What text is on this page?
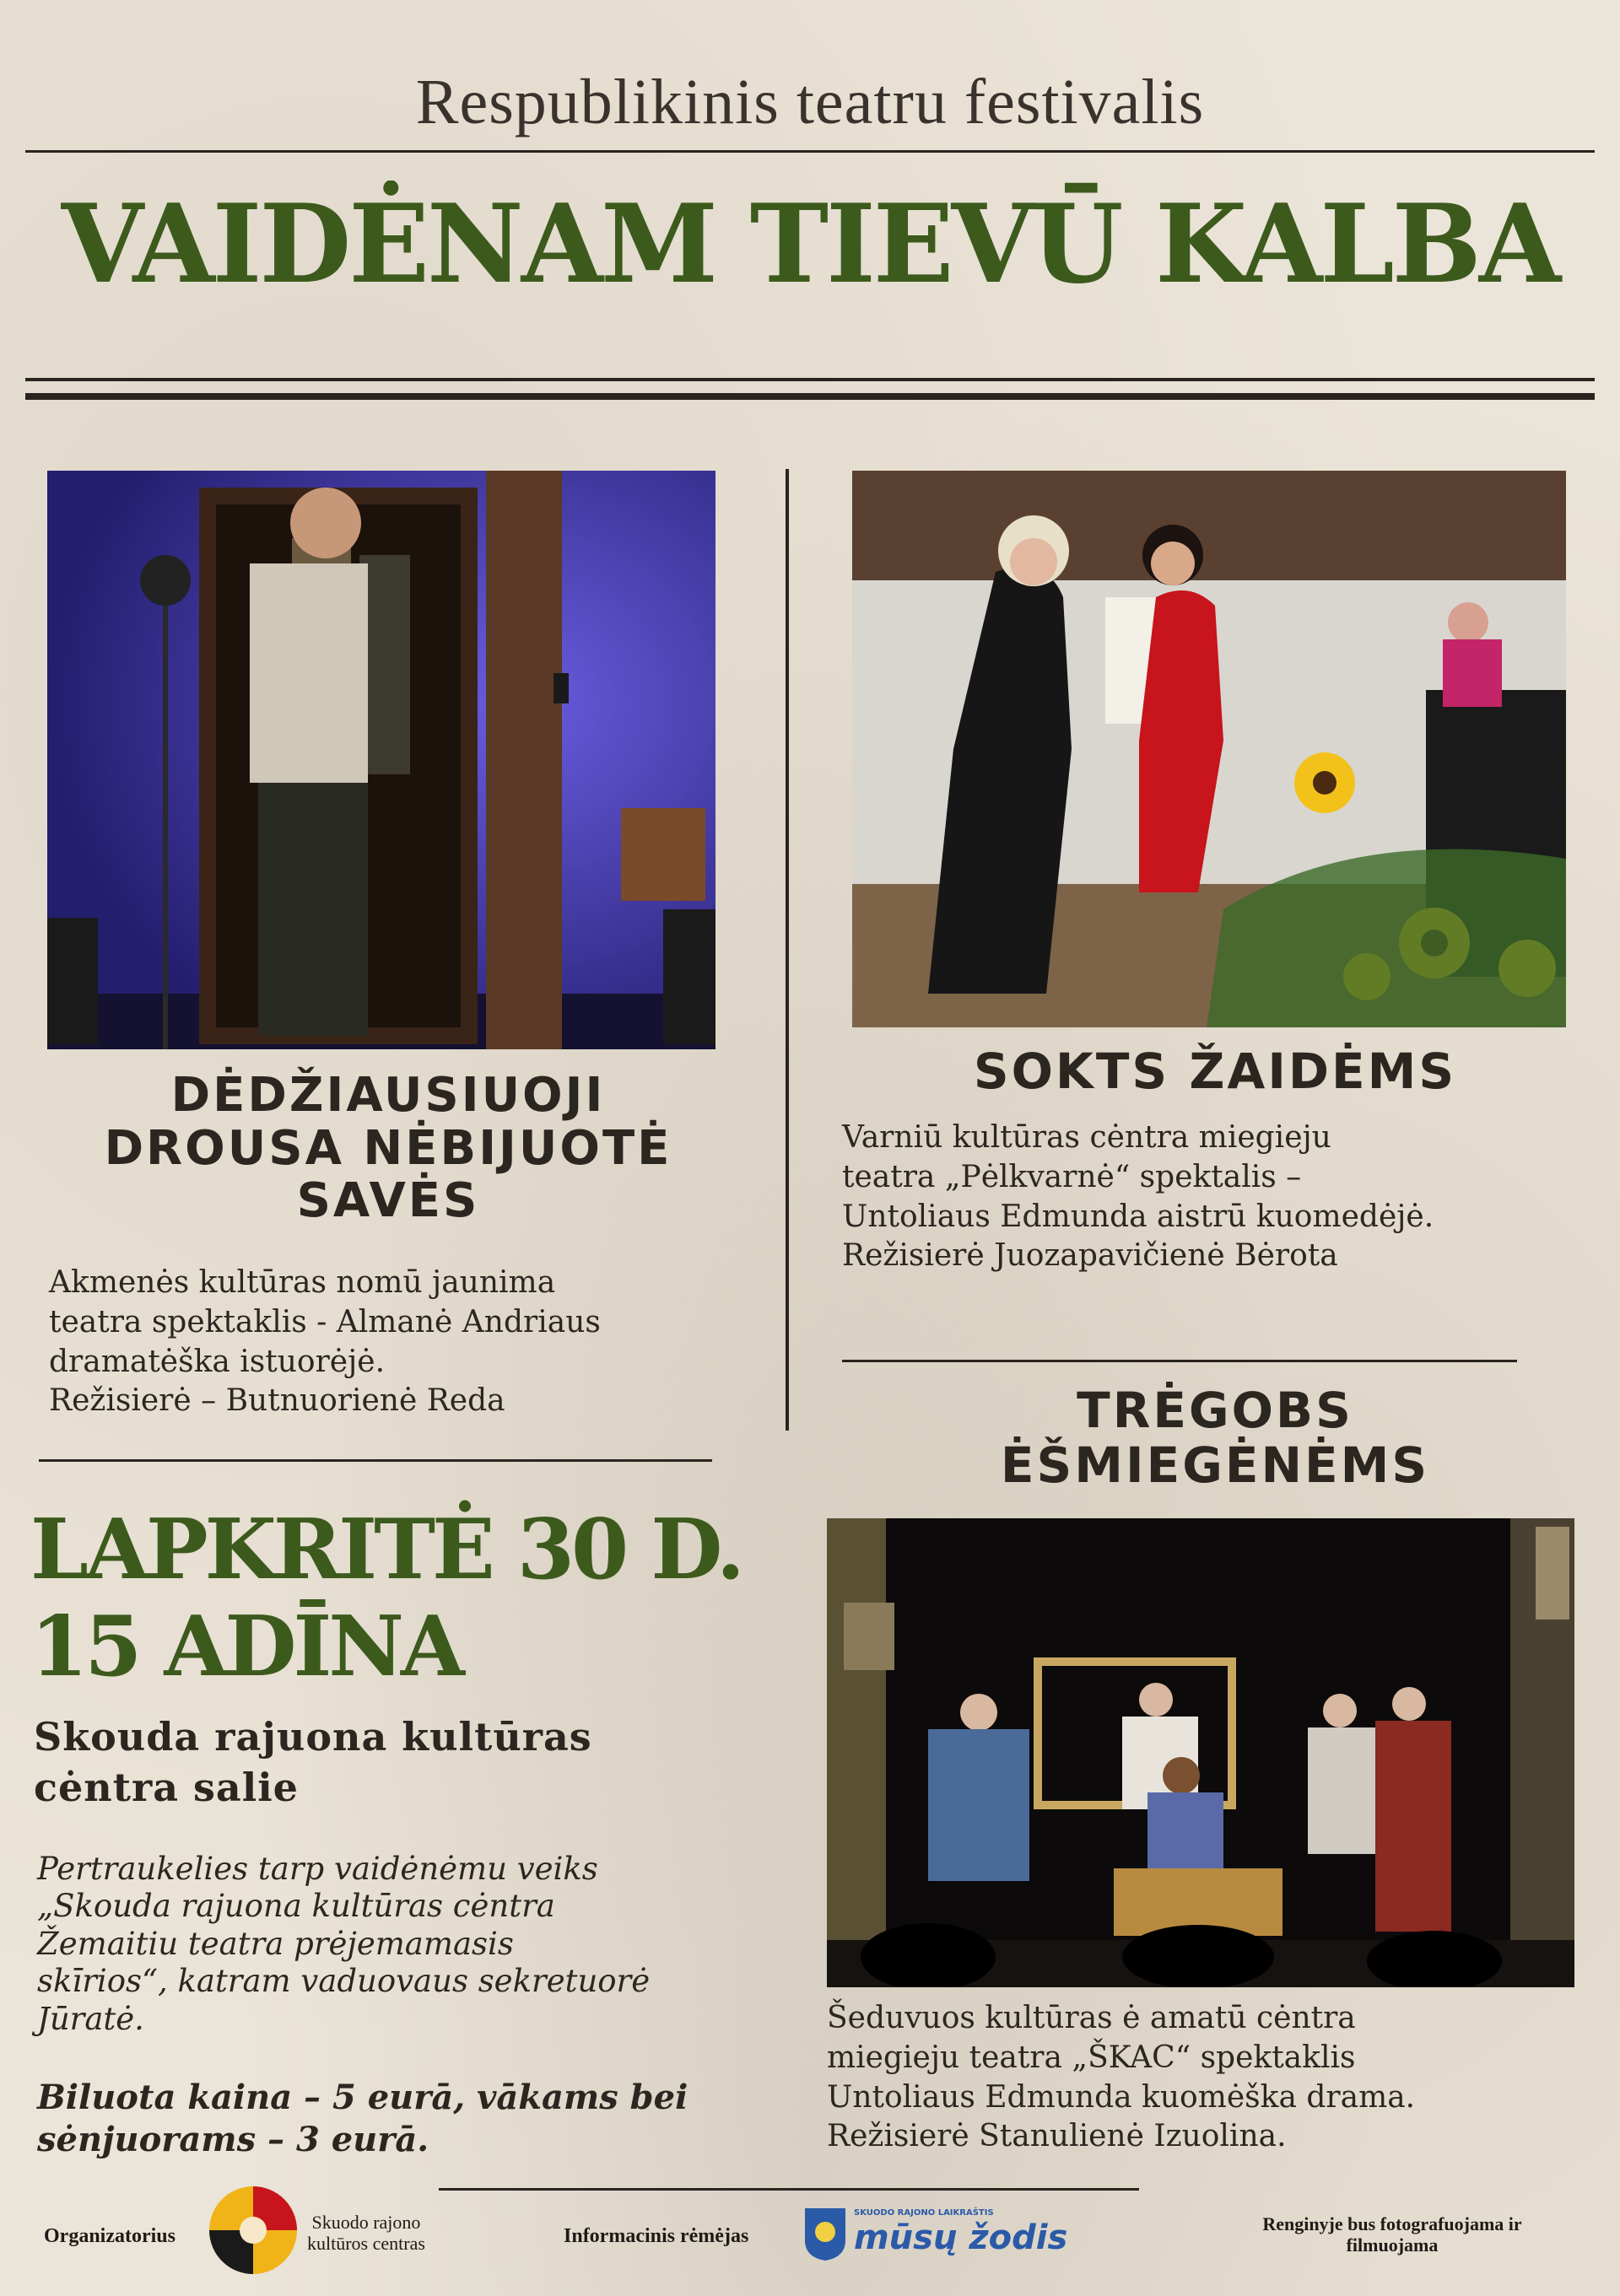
Respublikinis teatru festivalis
VAIDĖNAM TIEVŪ KALBA
DĖDŽIAUSIUOJI
DROUSA NĖBIJUOTĖ
SAVĖS
Akmenės kultūras nomū jaunima
teatra spektaklis - Almanė Andriaus
dramatėška istuorėjė.
Režisierė – Butnuorienė Reda
SOKTS ŽAIDĖMS
Varniū kultūras cėntra miegieju
teatra „Pėlkvarnė“ spektalis –
Untoliaus Edmunda aistrū kuomedėjė.
Režisierė Juozapavičienė Bėrota
TRĖGOBS
ĖŠMIEGĖNĖMS
Šeduvuos kultūras ė amatū cėntra
miegieju teatra „ŠKAC“ spektaklis
Untoliaus Edmunda kuomėška drama.
Režisierė Stanulienė Izuolina.
LAPKRITĖ 30 D.
15 ADĪNA
Skouda rajuona kultūras
cėntra salie
Pertraukelies tarp vaidėnėmu veiks
„Skouda rajuona kultūras cėntra
Žemaitiu teatra prėjemamasis
skīrios“, katram vaduovaus sekretuorė
Jūratė.
Biluota kaina – 5 eurā, vākams bei
sėnjuorams – 3 eurā.
Organizatorius
Skuodo rajono
kultūros centras	Informacinis rėmėjas
SKUODO RAJONO LAIKRAŠTIS
mūsų žodis	Renginyje bus fotografuojama ir
filmuojama
